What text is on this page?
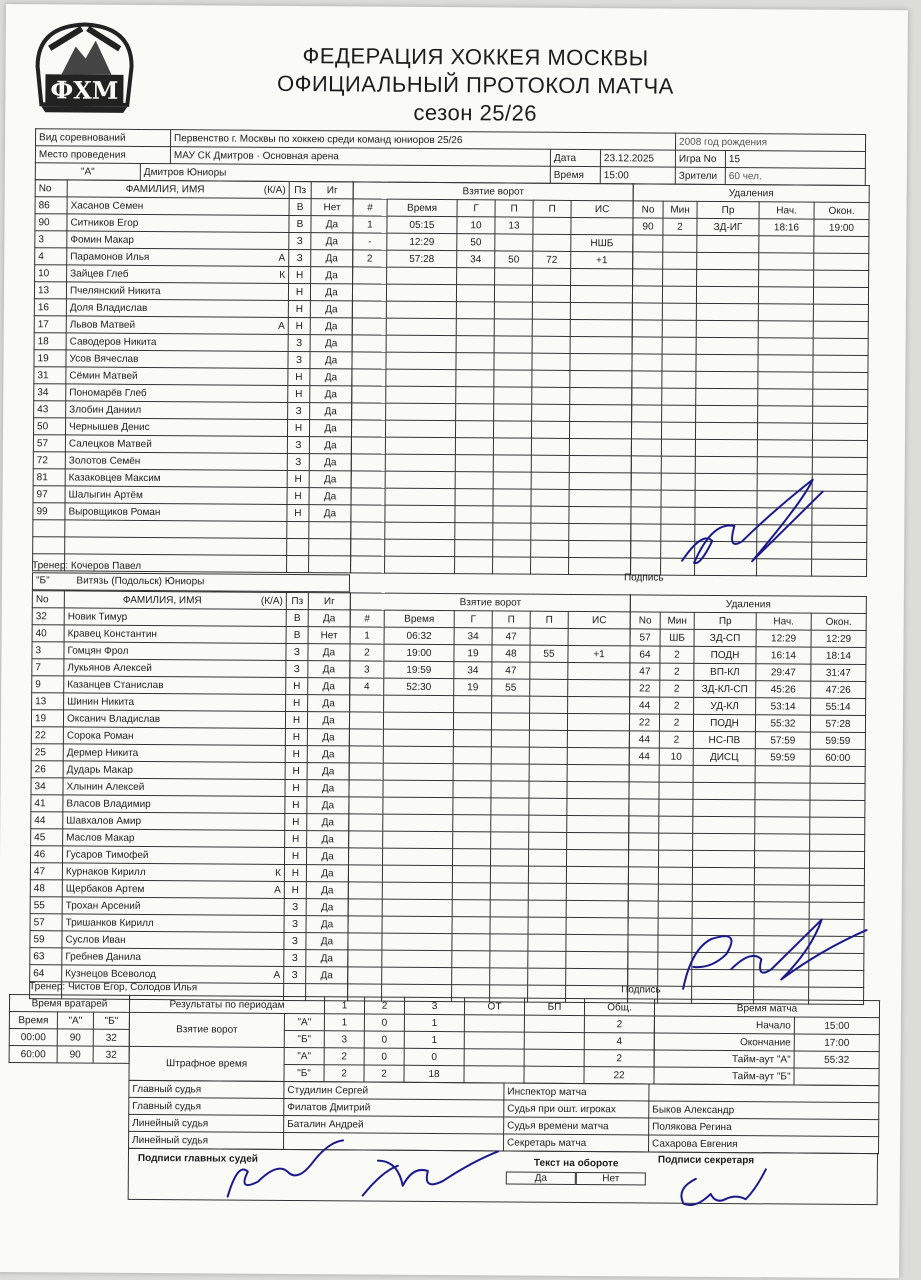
ФХМ
ФЕДЕРАЦИЯ ХОККЕЯ МОСКВЫ
ОФИЦИАЛЬНЫЙ ПРОТОКОЛ МАТЧА
сезон 25/26
Вид соревнований		Первенство г. Москвы по хоккею среди команд юниоров 25/26			2008 год рождения	
Место проведения		МАУ СК Дмитров · Основная арена	Дата	23.12.2025	Игра No	15
"А"	Дмитров Юниоры		Время	15:00	Зрители	60 чел.
No	ФАМИЛИЯ, ИМЯ (К/А)	Пз	Иг
86	Хасанов Семен	В	Нет
90	Ситников Егор	В	Да
3	Фомин Макар	З	Да
4	Парамонов Илья А	З	Да
10	Зайцев Глеб К	Н	Да
13	Пчелянский Никита	Н	Да
16	Доля Владислав	Н	Да
17	Львов Матвей А	Н	Да
18	Саводеров Никита	З	Да
19	Усов Вячеслав	З	Да
31	Сёмин Матвей	Н	Да
34	Пономарёв Глеб	Н	Да
43	Злобин Даниил	З	Да
50	Чернышев Денис	Н	Да
57	Салецков Матвей	З	Да
72	Золотов Семён	З	Да
81	Казаковцев Максим	Н	Да
97	Шалыгин Артём	Н	Да
99	Выровщиков Роман	Н	Да

Взятие ворот					
#	Время	Г	П	П	ИС
1	05:15	10	13		
-	12:29	50			НШБ
2	57:28	34	50	72	+1

Удаления				
No	Мин	Пр	Нач.	Окон.
90	2	ЗД-ИГ	18:16	19:00

Тренер: Кочеров Павел
Подпись
"Б"	Витязь (Подольск) Юниоры
No	ФАМИЛИЯ, ИМЯ (К/А)	Пз	Иг
32	Новик Тимур	В	Да
40	Кравец Константин	В	Нет
3	Гомцян Фрол	З	Да
7	Лукьянов Алексей	З	Да
9	Казанцев Станислав	Н	Да
13	Шинин Никита	Н	Да
19	Оксанич Владислав	Н	Да
22	Сорока Роман	Н	Да
25	Дермер Никита	Н	Да
26	Дударь Макар	Н	Да
34	Хлынин Алексей	Н	Да
41	Власов Владимир	Н	Да
44	Шавхалов Амир	Н	Да
45	Маслов Макар	Н	Да
46	Гусаров Тимофей	Н	Да
47	Курнаков Кирилл К	Н	Да
48	Щербаков Артем А	Н	Да
55	Трохан Арсений	З	Да
57	Тришанков Кирилл	З	Да
59	Суслов Иван	З	Да
63	Гребнев Данила	З	Да
64	Кузнецов Всеволод А	З	Да

Взятие ворот					
#	Время	Г	П	П	ИС
1	06:32	34	47		
2	19:00	19	48	55	+1
3	19:59	34	47		
4	52:30	19	55		

Удаления				
No	Мин	Пр	Нач.	Окон.
57	ШБ	ЗД-СП	12:29	12:29
64	2	ПОДН	16:14	18:14
47	2	ВП-КЛ	29:47	31:47
22	2	ЗД-КЛ-СП	45:26	47:26
44	2	УД-КЛ	53:14	55:14
22	2	ПОДН	55:32	57:28
44	2	НС-ПВ	57:59	59:59
44	10	ДИСЦ	59:59	60:00

Тренер: Чистов Егор, Солодов Илья	Подпись
Время вратарей		
Время	"А"	"Б"
00:00	90	32
60:00	90	32
Результаты по периодам		1	2	3	ОТ	БП	Общ.
Взятие ворот	"А"	1	0	1			2
	"Б"	3	0	1			4
Штрафное время	"А"	2	0	0			2
	"Б"	2	2	18			22
Время матча	
Начало	15:00
Окончание	17:00
Тайм-аут "А"	55:32
Тайм-аут "Б"	
Главный судья	Студилин Сергей	Инспектор матча	
Главный судья	Филатов Дмитрий	Судья при ошт. игроках	Быков Александр
Линейный судья	Баталин Андрей	Судья времени матча	Полякова Регина
Линейный судья		Секретарь матча	Сахарова Евгения
Подписи главных судей	Текст на обороте
Да	Нет
Подписи секретаря
